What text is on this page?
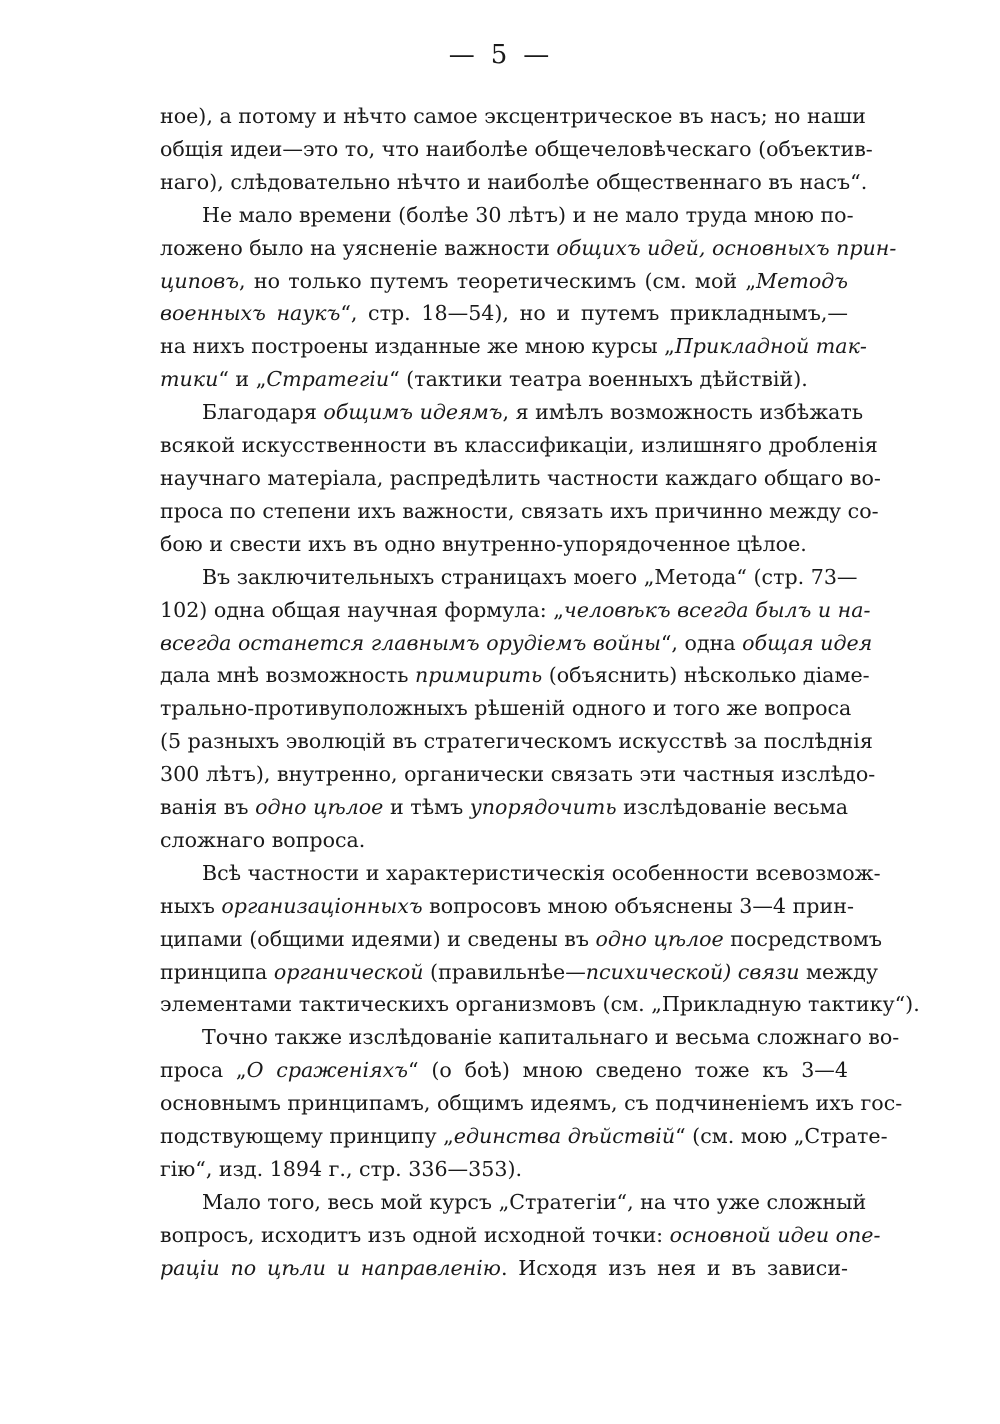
— 5 —
ное), а потому и нѣчто самое эксцентрическое въ насъ; но наши
общія идеи—это то, что наиболѣе общечеловѣческаго (объектив-
наго), слѣдовательно нѣчто и наиболѣе общественнаго въ насъ“.
Не мало времени (болѣе 30 лѣтъ) и не мало труда мною по-
ложено было на уясненіе важности общихъ идей, основныхъ прин-
циповъ, но только путемъ теоретическимъ (см. мой „Методъ
военныхъ наукъ“, стр. 18—54), но и путемъ прикладнымъ,—
на нихъ построены изданные же мною курсы „Прикладной так-
тики“ и „Стратегіи“ (тактики театра военныхъ дѣйствій).
Благодаря общимъ идеямъ, я имѣлъ возможность избѣжать
всякой искусственности въ классификаціи, излишняго дробленія
научнаго матеріала, распредѣлить частности каждаго общаго во-
проса по степени ихъ важности, связать ихъ причинно между со-
бою и свести ихъ въ одно внутренно-упорядоченное цѣлое.
Въ заключительныхъ страницахъ моего „Метода“ (стр. 73—
102) одна общая научная формула: „человѣкъ всегда былъ и на-
всегда останется главнымъ орудіемъ войны“, одна общая идея
дала мнѣ возможность примирить (объяснить) нѣсколько діаме-
трально-противуположныхъ рѣшеній одного и того же вопроса
(5 разныхъ эволюцій въ стратегическомъ искусствѣ за послѣднія
300 лѣтъ), внутренно, органически связать эти частныя изслѣдо-
ванія въ одно цѣлое и тѣмъ упорядочить изслѣдованіе весьма
сложнаго вопроса.
Всѣ частности и характеристическія особенности всевозмож-
ныхъ организаціонныхъ вопросовъ мною объяснены 3—4 прин-
ципами (общими идеями) и сведены въ одно цѣлое посредствомъ
принципа органической (правильнѣе—психической) связи между
элементами тактическихъ организмовъ (см. „Прикладную тактику“).
Точно также изслѣдованіе капитальнаго и весьма сложнаго во-
проса „О сраженіяхъ“ (о боѣ) мною сведено тоже къ 3—4
основнымъ принципамъ, общимъ идеямъ, съ подчиненіемъ ихъ гос-
подствующему принципу „единства дѣйствій“ (см. мою „Страте-
гію“, изд. 1894 г., стр. 336—353).
Мало того, весь мой курсъ „Стратегіи“, на что уже сложный
вопросъ, исходитъ изъ одной исходной точки: основной идеи опе-
раціи по цѣли и направленію. Исходя изъ нея и въ зависи-
